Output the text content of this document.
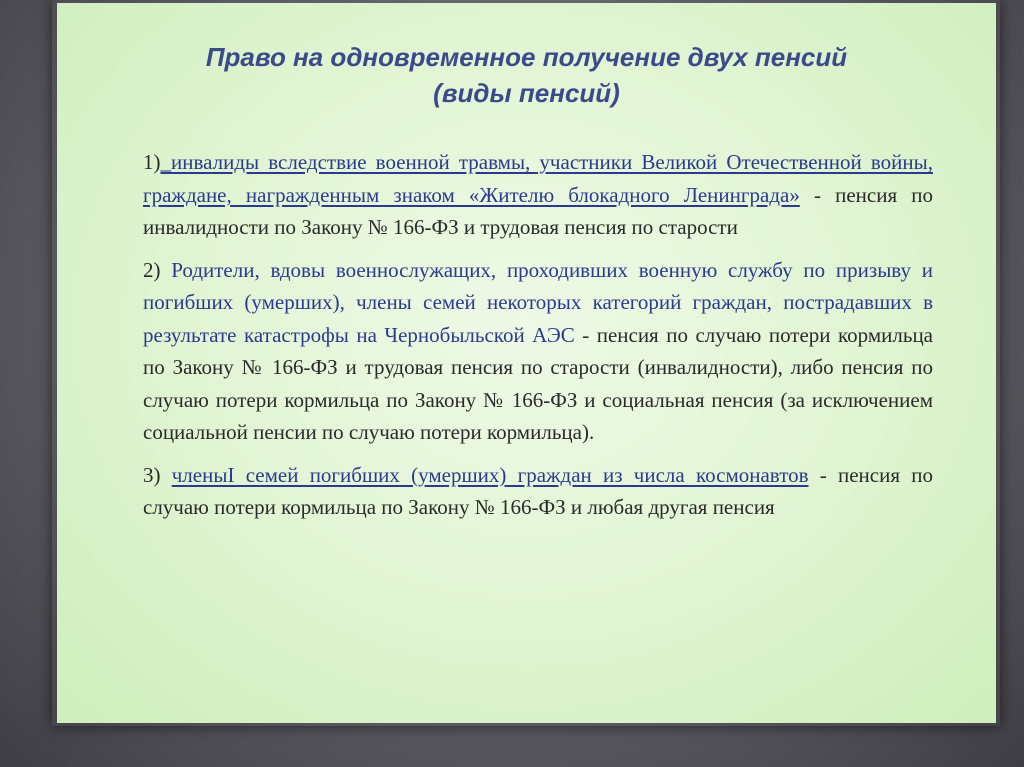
Право на одновременное получение двух пенсий
(виды пенсий)

1)_инвалиды вследствие военной травмы, участники Великой Отечественной войны, граждане, награжденным знаком «Жителю блокадного Ленинграда» - пенсия по инвалидности по Закону № 166-ФЗ и трудовая пенсия по старости

2) Родители, вдовы военнослужащих, проходивших военную службу по призыву и погибших (умерших), члены семей некоторых категорий граждан, пострадавших в результате катастрофы на Чернобыльской АЭС - пенсия по случаю потери кормильца по Закону № 166-ФЗ и трудовая пенсия по старости (инвалидности), либо пенсия по случаю потери кормильца по Закону № 166-ФЗ и социальная пенсия (за исключением социальной пенсии по случаю потери кормильца).

3) членыI семей погибших (умерших) граждан из числа космонавтов - пенсия по случаю потери кормильца по Закону № 166-ФЗ и любая другая пенсия
